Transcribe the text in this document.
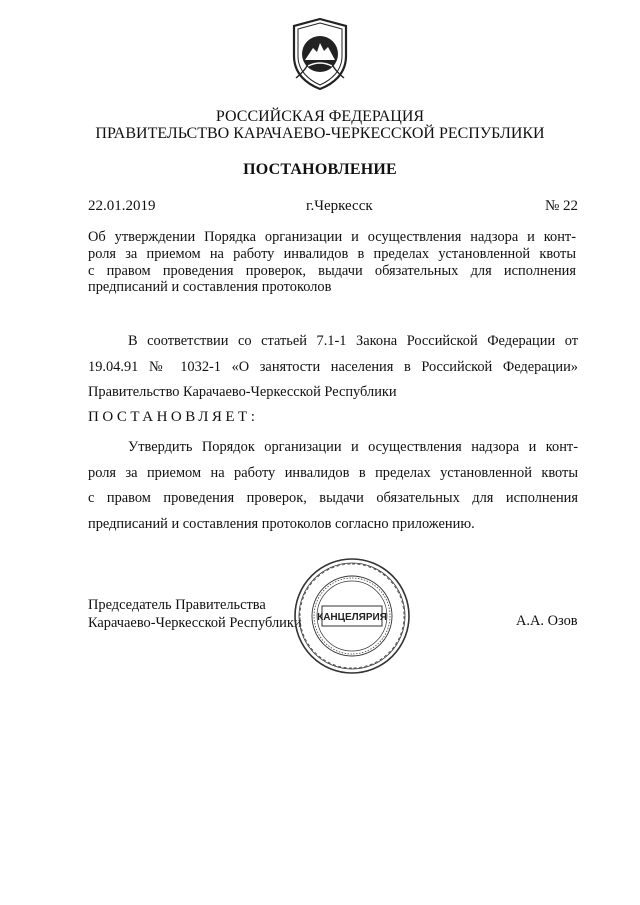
РОССИЙСКАЯ ФЕДЕРАЦИЯ
ПРАВИТЕЛЬСТВО КАРАЧАЕВО-ЧЕРКЕССКОЙ РЕСПУБЛИКИ
ПОСТАНОВЛЕНИЕ
22.01.2019	г.Черкесск	№ 22
Об утверждении Порядка организации и осуществления надзора и конт-
роля за приемом на работу инвалидов в пределах установленной квоты
с правом проведения проверок, выдачи обязательных для исполнения
предписаний и составления протоколов
В соответствии со статьей 7.1-1 Закона Российской Федерации от
19.04.91 № 1032-1 «О занятости населения в Российской Федерации»
Правительство Карачаево-Черкесской Республики
ПОСТАНОВЛЯЕТ:
Утвердить Порядок организации и осуществления надзора и конт-
роля за приемом на работу инвалидов в пределах установленной квоты
с правом проведения проверок, выдачи обязательных для исполнения
предписаний и составления протоколов согласно приложению.
Председатель Правительства
Карачаево-Черкесской Республики	А.А. Озов
КАНЦЕЛЯРИЯ
